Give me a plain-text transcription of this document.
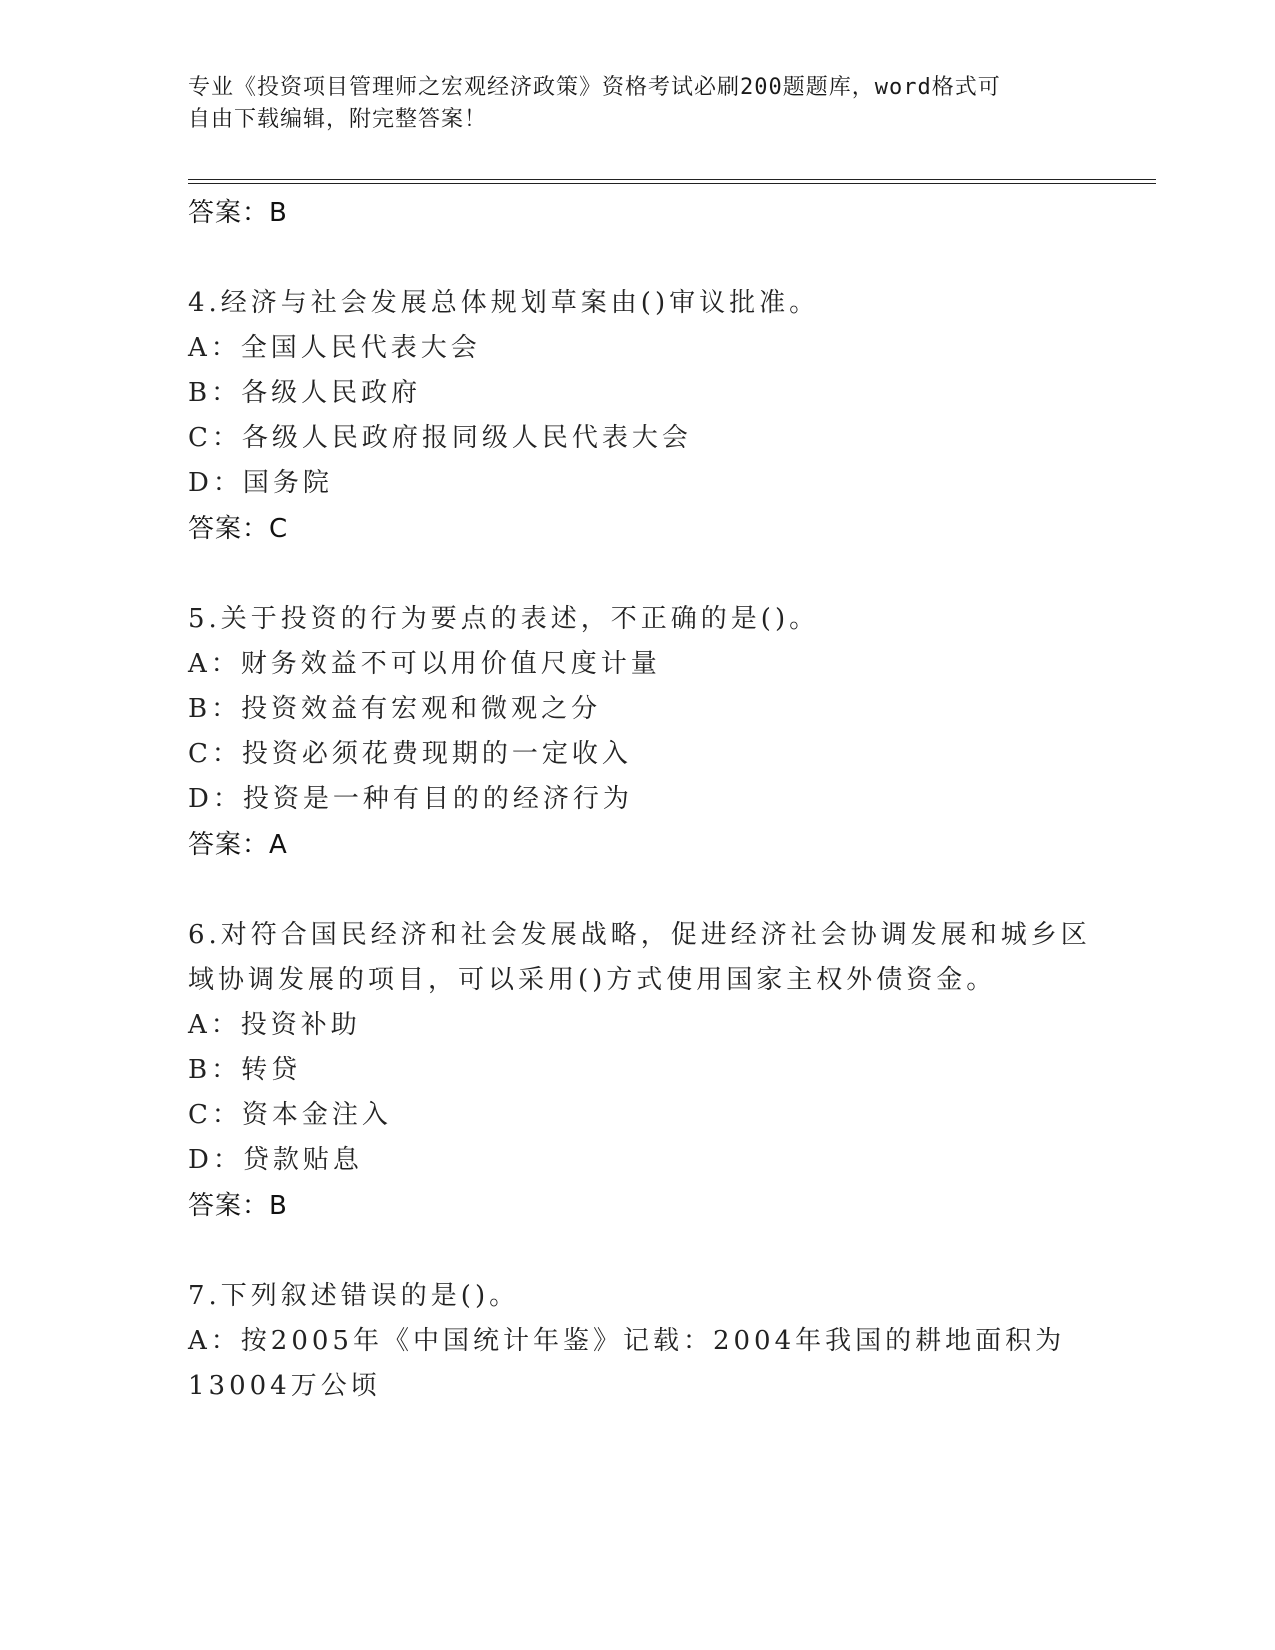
专业《投资项目管理师之宏观经济政策》资格考试必刷200题题库，word格式可
自由下载编辑，附完整答案！
答案：B
4.经济与社会发展总体规划草案由()审议批准。
A：全国人民代表大会
B：各级人民政府
C：各级人民政府报同级人民代表大会
D：国务院
答案：C
5.关于投资的行为要点的表述，不正确的是()。
A：财务效益不可以用价值尺度计量
B：投资效益有宏观和微观之分
C：投资必须花费现期的一定收入
D：投资是一种有目的的经济行为
答案：A
6.对符合国民经济和社会发展战略，促进经济社会协调发展和城乡区
域协调发展的项目，可以采用()方式使用国家主权外债资金。
A：投资补助
B：转贷
C：资本金注入
D：贷款贴息
答案：B
7.下列叙述错误的是()。
A：按2005年《中国统计年鉴》记载：2004年我国的耕地面积为
13004万公顷
